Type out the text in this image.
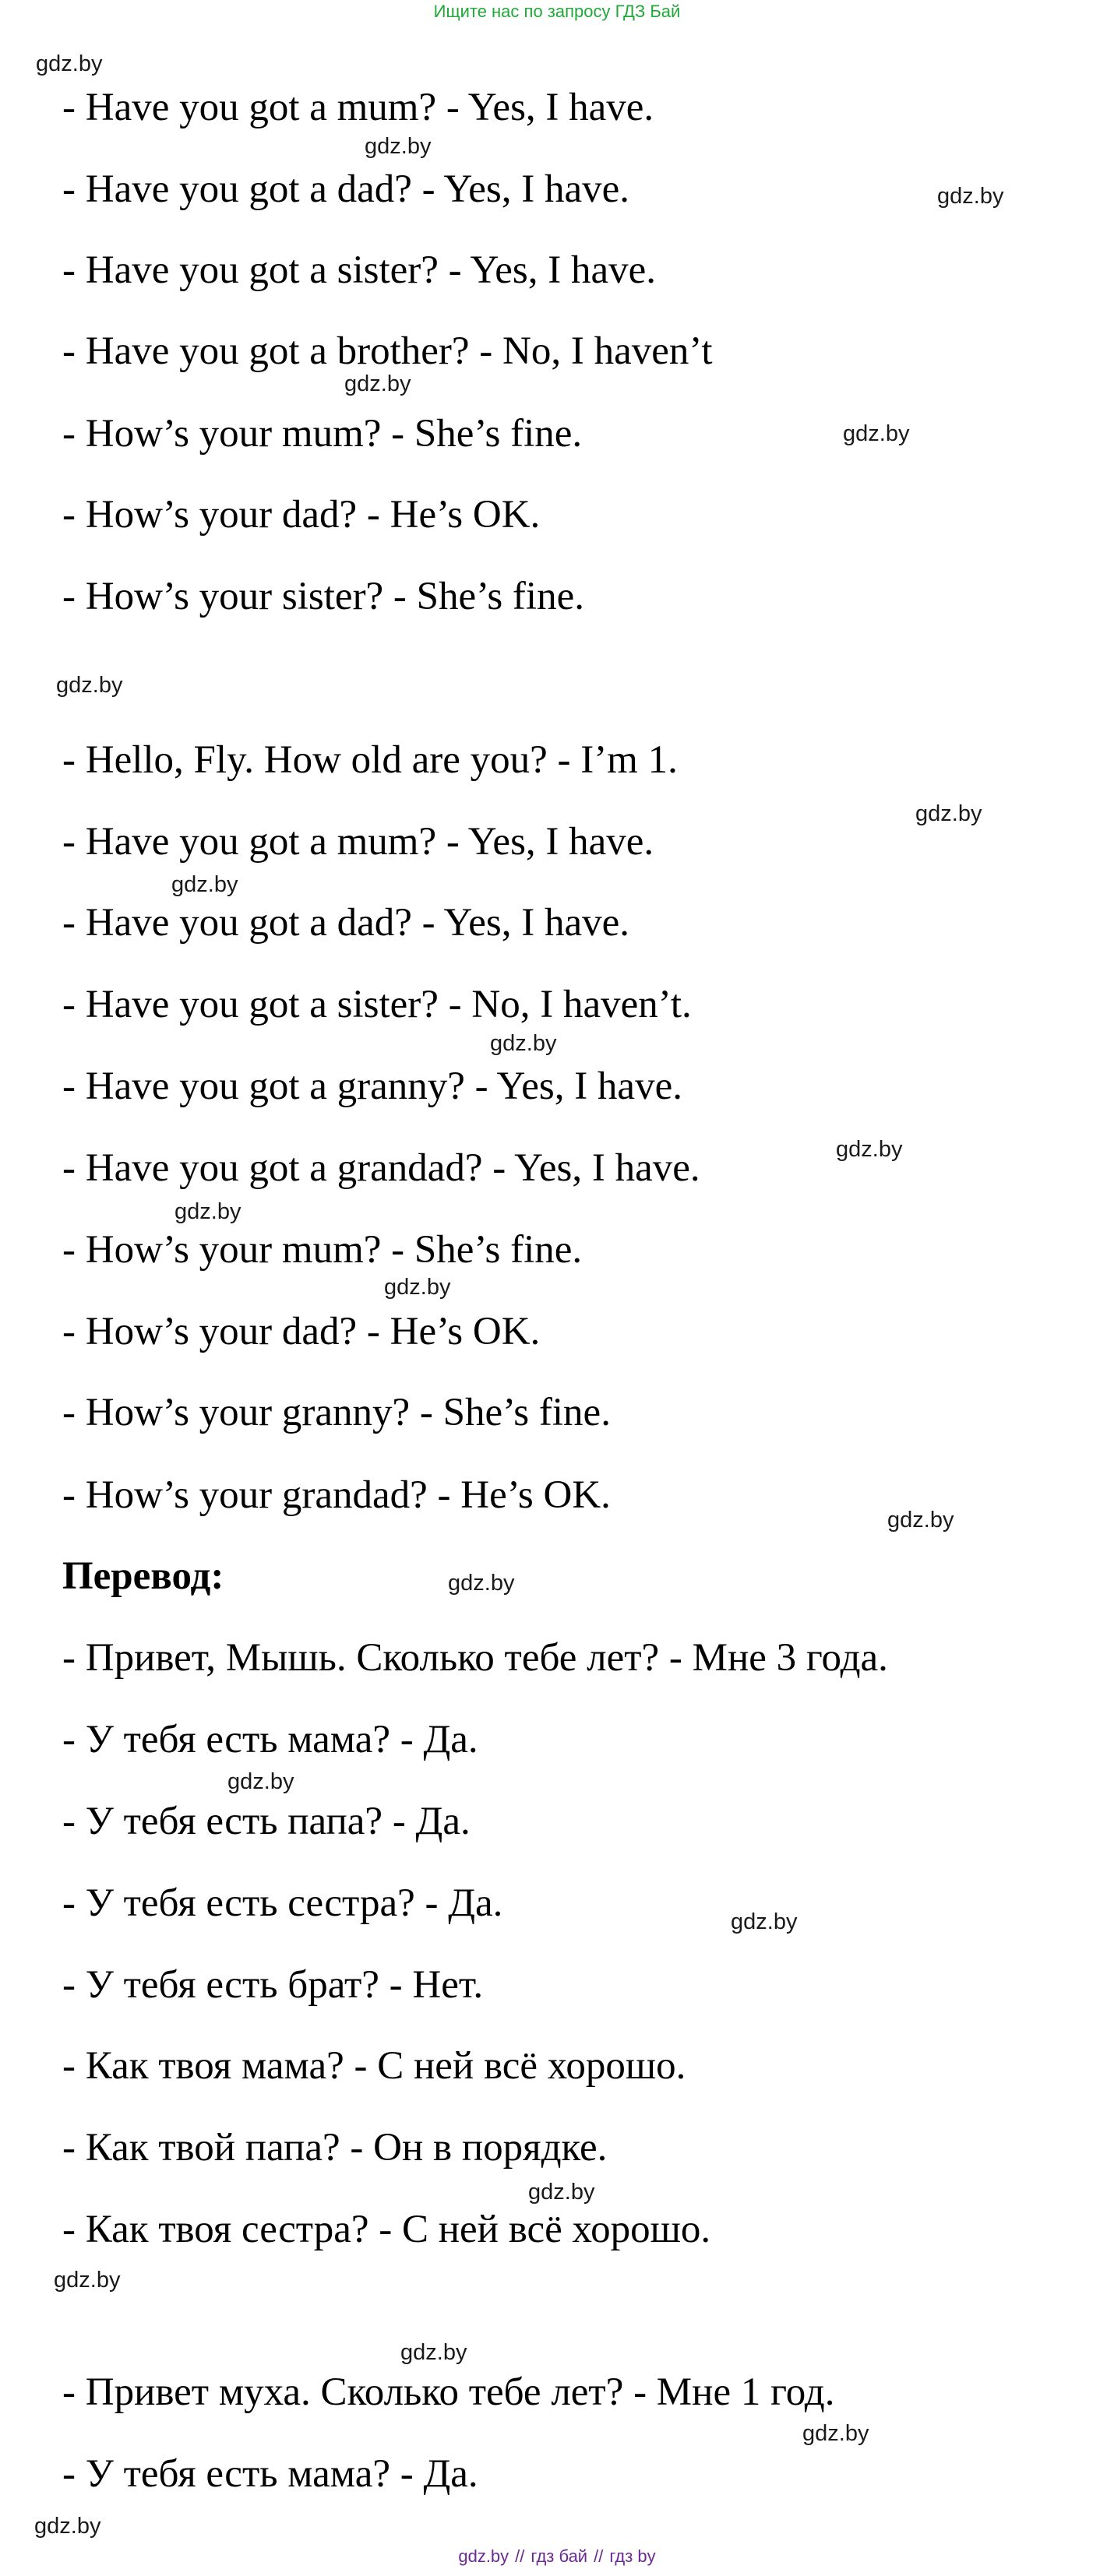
Ищите нас по запросу ГДЗ Бай
- Have you got a mum? - Yes, I have.
- Have you got a dad? - Yes, I have.
- Have you got a sister? - Yes, I have.
- Have you got a brother? - No, I haven’t
- How’s your mum? - She’s fine.
- How’s your dad? - He’s OK.
- How’s your sister? - She’s fine.
- Hello, Fly. How old are you? - I’m 1.
- Have you got a mum? - Yes, I have.
- Have you got a dad? - Yes, I have.
- Have you got a sister? - No, I haven’t.
- Have you got a granny? - Yes, I have.
- Have you got a grandad? - Yes, I have.
- How’s your mum? - She’s fine.
- How’s your dad? - He’s OK.
- How’s your granny? - She’s fine.
- How’s your grandad? - He’s OK.
Перевод:
- Привет, Мышь. Сколько тебе лет? - Мне 3 года.
- У тебя есть мама? - Да.
- У тебя есть папа? - Да.
- У тебя есть сестра? - Да.
- У тебя есть брат? - Нет.
- Как твоя мама? - С ней всё хорошо.
- Как твой папа? - Он в порядке.
- Как твоя сестра? - С ней всё хорошо.
- Привет муха. Сколько тебе лет? - Мне 1 год.
- У тебя есть мама? - Да.
gdz.by
gdz.by
gdz.by
gdz.by
gdz.by
gdz.by
gdz.by
gdz.by
gdz.by
gdz.by
gdz.by
gdz.by
gdz.by
gdz.by
gdz.by
gdz.by
gdz.by
gdz.by
gdz.by
gdz.by
gdz.by
gdz.by // гдз бай // гдз by
